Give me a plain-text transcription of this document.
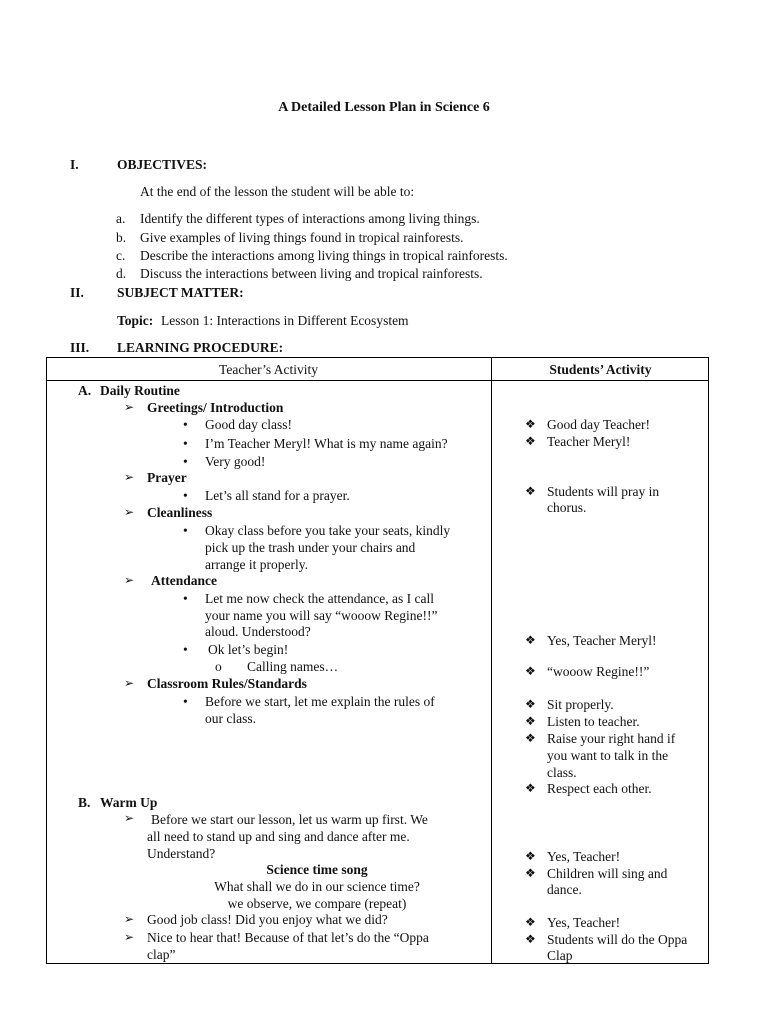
A Detailed Lesson Plan in Science 6
I.	OBJECTIVES:
At the end of the lesson the student will be able to:
a. Identify the different types of interactions among living things.
b. Give examples of living things found in tropical rainforests.
c. Describe the interactions among living things in tropical rainforests.
d. Discuss the interactions between living and tropical rainforests.
II. SUBJECT MATTER:
Topic: Lesson 1: Interactions in Different Ecosystem
III. LEARNING PROCEDURE:
Teacher’s Activity	Students’ Activity
A. Daily Routine
➢ Greetings/ Introduction
• Good day class!
• I’m Teacher Meryl! What is my name again?
• Very good!
➢ Prayer
• Let’s all stand for a prayer.
➢ Cleanliness
• Okay class before you take your seats, kindly
pick up the trash under your chairs and
arrange it properly.
➢ Attendance
• Let me now check the attendance, as I call
your name you will say “wooow Regine!!”
aloud. Understood?
• Ok let’s begin!
o Calling names…
➢ Classroom Rules/Standards
• Before we start, let me explain the rules of
our class.
B. Warm Up
➢ Before we start our lesson, let us warm up first. We
all need to stand up and sing and dance after me.
Understand?
Science time song
What shall we do in our science time?
we observe, we compare (repeat)
➢ Good job class! Did you enjoy what we did?
➢ Nice to hear that! Because of that let’s do the “Oppa
clap”
❖ Good day Teacher!
❖ Teacher Meryl!
❖ Students will pray in
chorus.
❖ Yes, Teacher Meryl!
❖ “wooow Regine!!”
❖ Sit properly.
❖ Listen to teacher.
❖ Raise your right hand if
you want to talk in the
class.
❖ Respect each other.
❖ Yes, Teacher!
❖ Children will sing and
dance.
❖ Yes, Teacher!
❖ Students will do the Oppa
Clap
